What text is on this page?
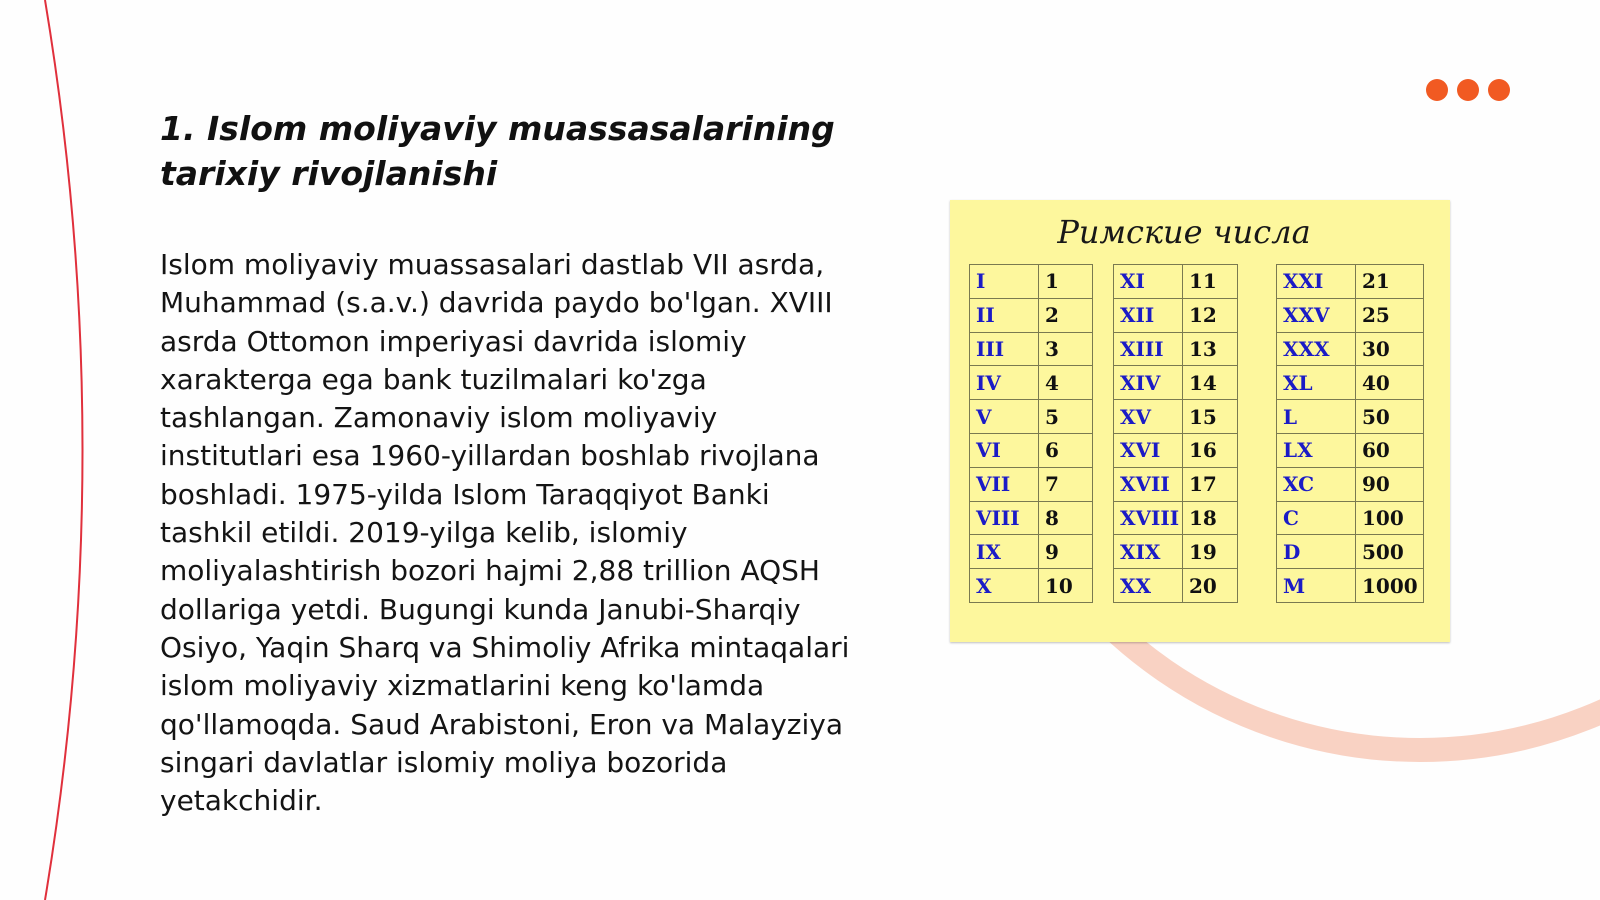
1. Islom moliyaviy muassasalarining tarixiy rivojlanishi

Islom moliyaviy muassasalari dastlab VII asrda, Muhammad (s.a.v.) davrida paydo bo'lgan. XVIII asrda Ottomon imperiyasi davrida islomiy xarakterga ega bank tuzilmalari ko'zga tashlangan. Zamonaviy islom moliyaviy institutlari esa 1960-yillardan boshlab rivojlana boshladi. 1975-yilda Islom Taraqqiyot Banki tashkil etildi. 2019-yilga kelib, islomiy moliyalashtirish bozori hajmi 2,88 trillion AQSH dollariga yetdi. Bugungi kunda Janubi-Sharqiy Osiyo, Yaqin Sharq va Shimoliy Afrika mintaqalari islom moliyaviy xizmatlarini keng ko'lamda qo'llamoqda. Saud Arabistoni, Eron va Malayziya singari davlatlar islomiy moliya bozorida yetakchidir.

Римские числа
I	1
II	2
III	3
IV	4
V	5
VI	6
VII	7
VIII	8
IX	9
X	10
XI	11
XII	12
XIII	13
XIV	14
XV	15
XVI	16
XVII	17
XVIII	18
XIX	19
XX	20
XXI	21
XXV	25
XXX	30
XL	40
L	50
LX	60
XC	90
C	100
D	500
M	1000
